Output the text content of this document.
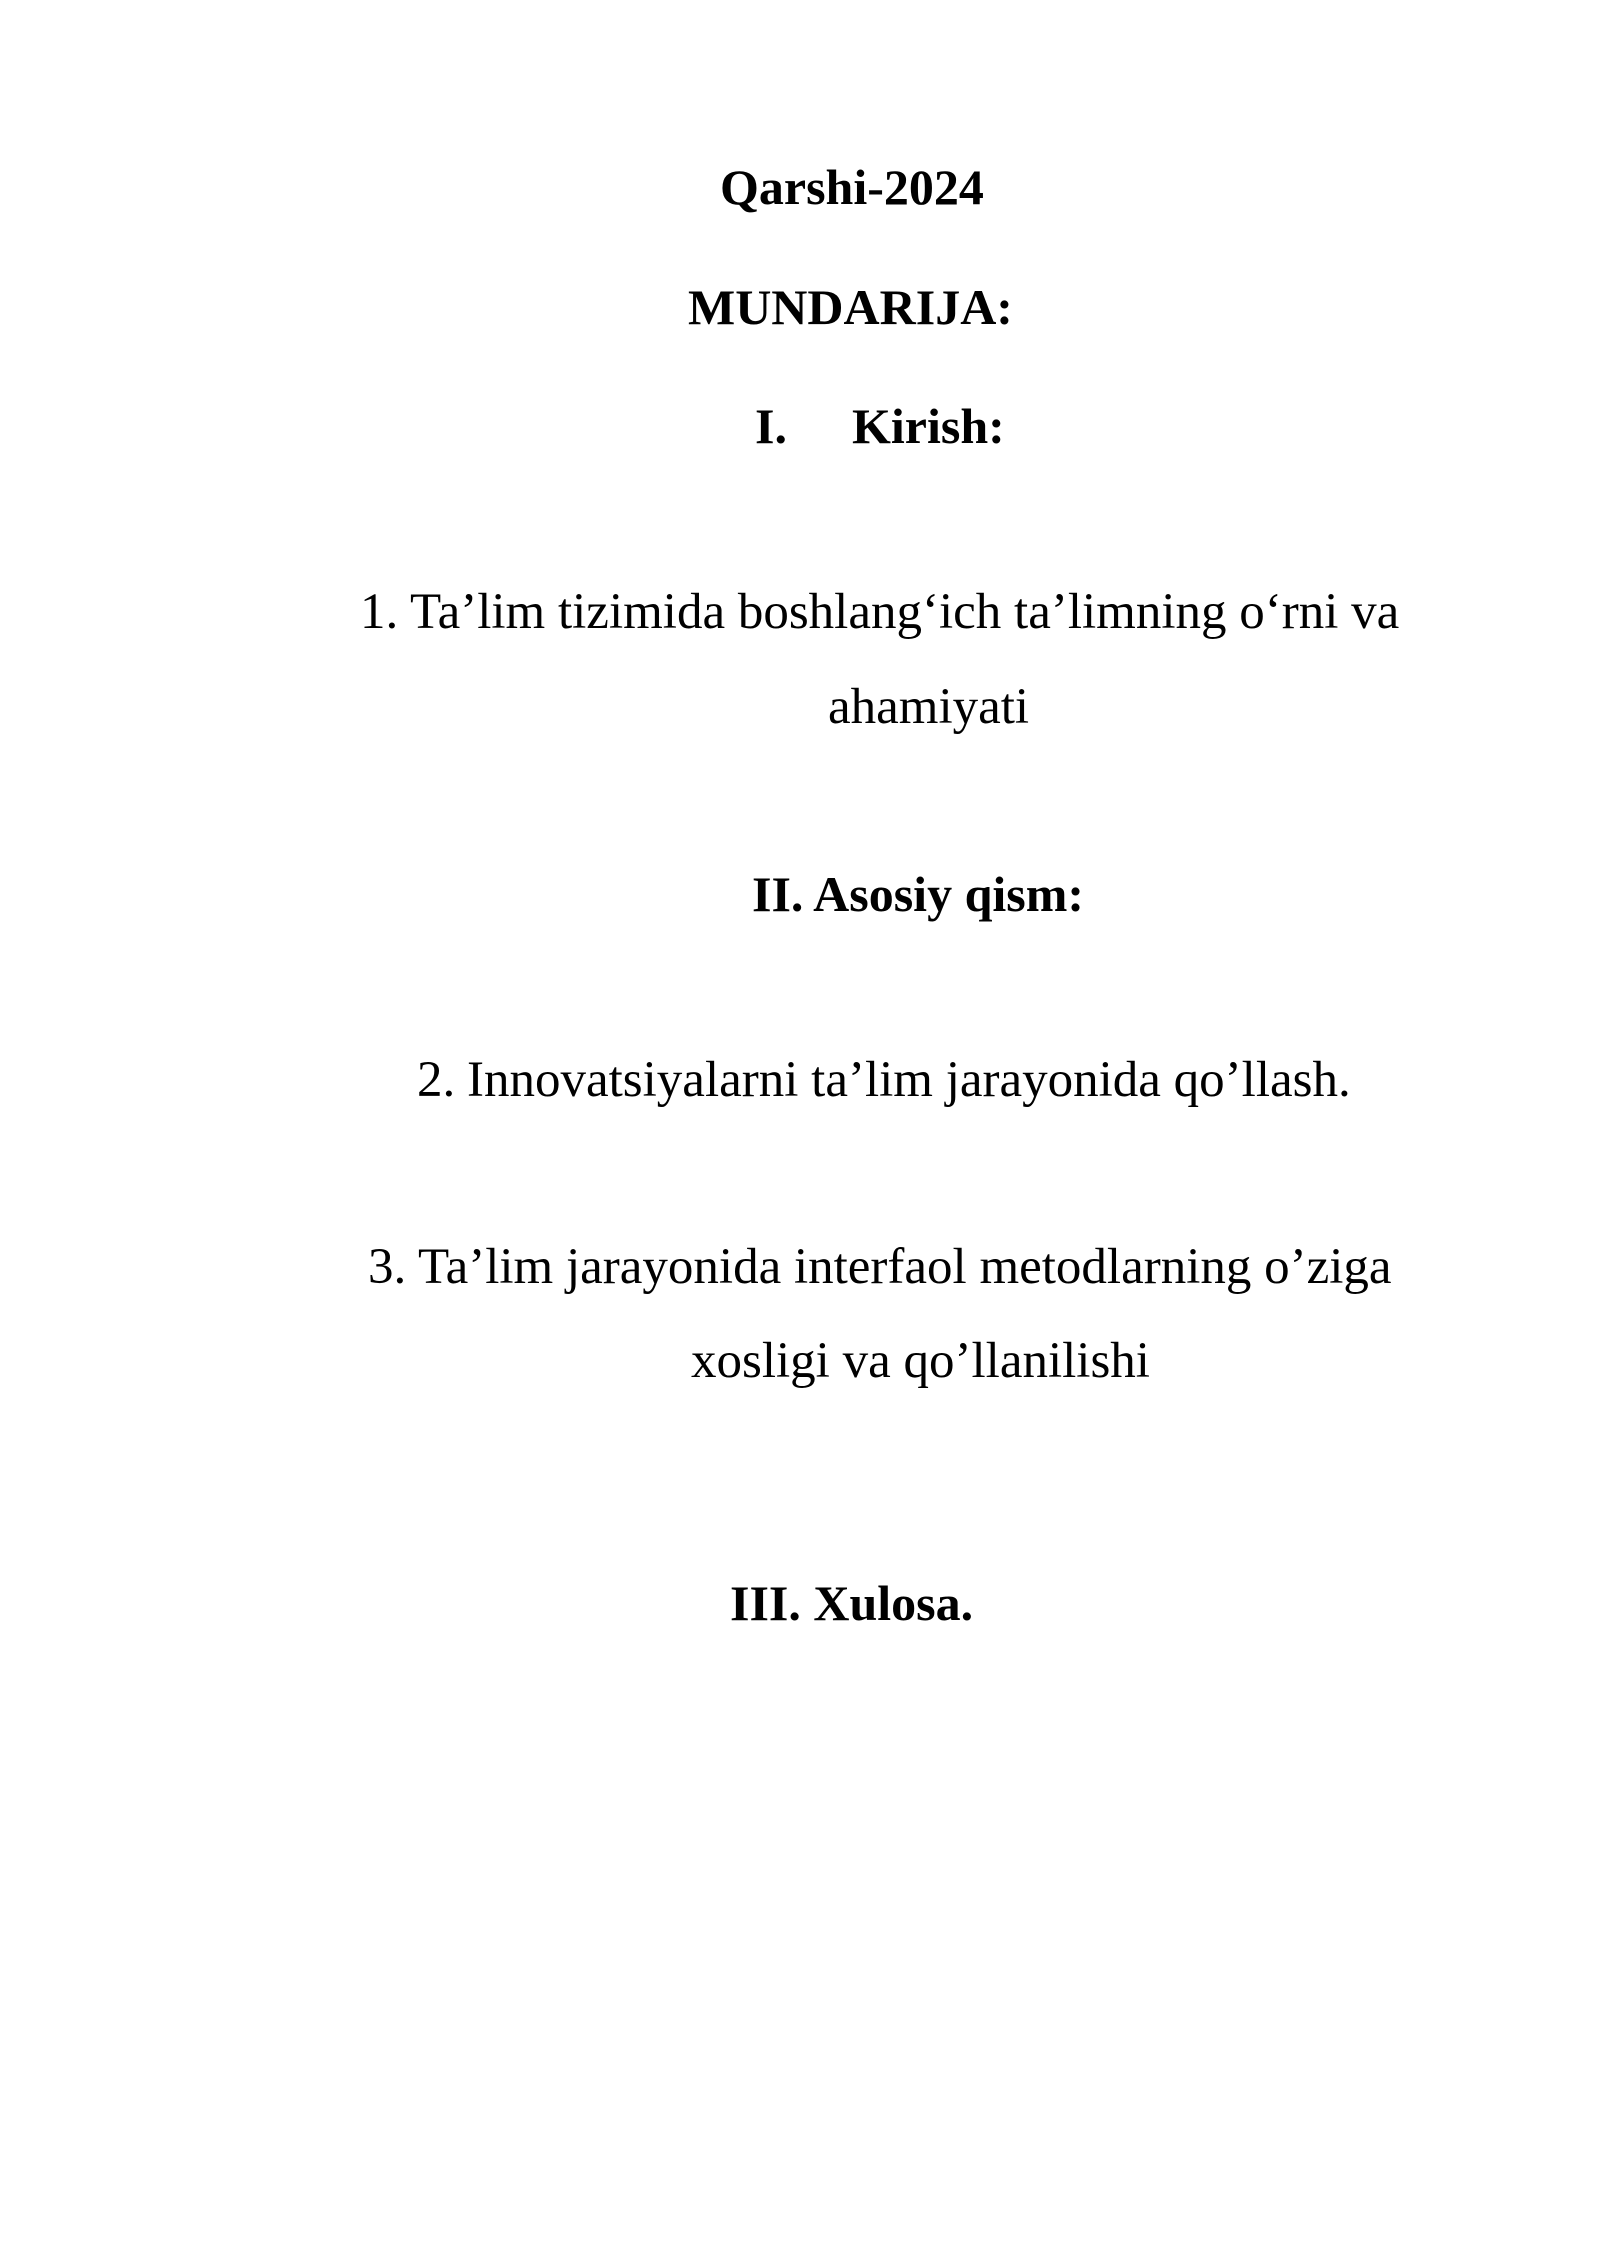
Qarshi-2024
MUNDARIJA:
I. Kirish:
1. Ta’lim tizimida boshlang‘ich ta’limning o‘rni va
ahamiyati
II. Asosiy qism:
2. Innovatsiyalarni ta’lim jarayonida qo’llash.
3. Ta’lim jarayonida interfaol metodlarning o’ziga
xosligi va qo’llanilishi
III. Xulosa.
